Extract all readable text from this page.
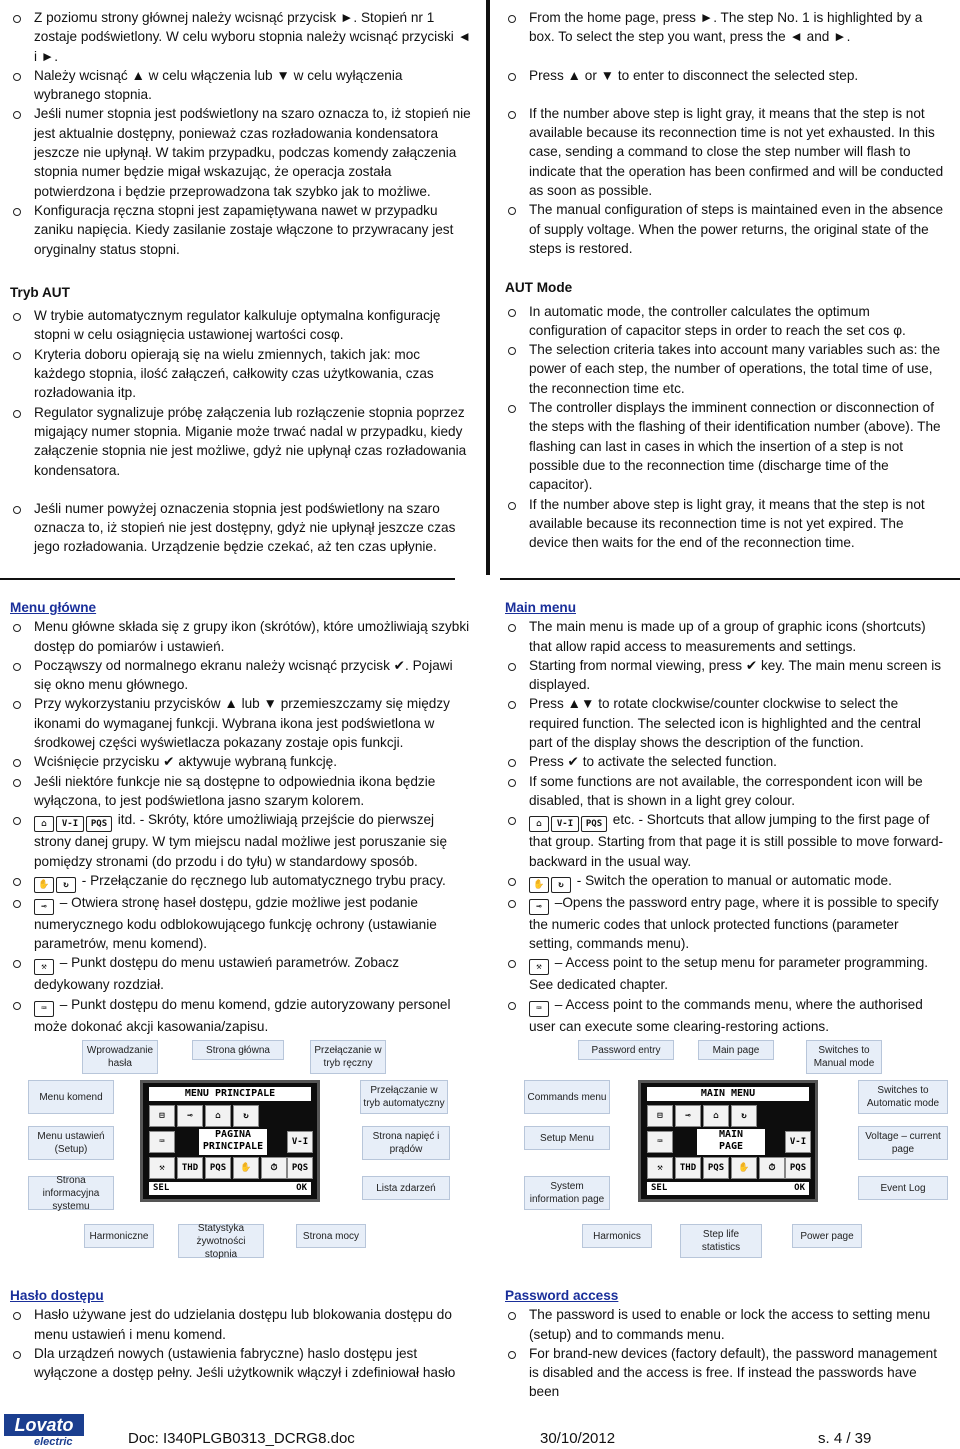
Z poziomu strony głównej należy wcisnąć przycisk ►. Stopień nr 1 zostaje podświetlony. W celu wyboru stopnia należy wcisnąć przyciski ◄ i ►.
Należy wcisnąć ▲ w celu włączenia lub ▼ w celu wyłączenia wybranego stopnia.
Jeśli numer stopnia jest podświetlony na szaro oznacza to, iż stopień nie jest aktualnie dostępny, ponieważ czas rozładowania kondensatora jeszcze nie upłynął. W takim przypadku, podczas komendy załączenia stopnia numer będzie migał wskazując, że operacja została potwierdzona i będzie przeprowadzona tak szybko jak to możliwe.
Konfiguracja ręczna stopni jest zapamiętywana nawet w przypadku zaniku napięcia. Kiedy zasilanie zostaje włączone to przywracany jest oryginalny status stopni.
Tryb AUT
W trybie automatycznym regulator kalkuluje optymalna konfigurację stopni w celu osiągnięcia ustawionej wartości cosφ.
Kryteria doboru opierają się na wielu zmiennych, takich jak: moc każdego stopnia, ilość załączeń, całkowity czas użytkowania, czas rozładowania itp.
Regulator sygnalizuje próbę załączenia lub rozłączenie stopnia poprzez migający numer stopnia. Miganie może trwać nadal w przypadku, kiedy załączenie stopnia nie jest możliwe, gdyż nie upłynął czas rozładowania kondensatora.
Jeśli numer powyżej oznaczenia stopnia jest podświetlony na szaro oznacza to, iż stopień nie jest dostępny, gdyż nie upłynął jeszcze czas jego rozładowania. Urządzenie będzie czekać, aż ten czas upłynie.
From the home page, press ►. The step No. 1 is highlighted by a box. To select the step you want, press the ◄ and ►.
Press ▲ or ▼ to enter to disconnect the selected step.
If the number above step is light gray, it means that the step is not available because its reconnection time is not yet exhausted. In this case, sending a command to close the step number will flash to indicate that the operation has been confirmed and will be conducted as soon as possible.
The manual configuration of steps is maintained even in the absence of supply voltage. When the power returns, the original state of the steps is restored.
AUT Mode
In automatic mode, the controller calculates the optimum configuration of capacitor steps in order to reach the set cos φ.
The selection criteria takes into account many variables such as: the power of each step, the number of operations, the total time of use, the reconnection time etc.
The controller displays the imminent connection or disconnection of the steps with the flashing of their identification number (above). The flashing can last in cases in which the insertion of a step is not possible due to the reconnection time (discharge time of the capacitor).
If the number above step is light gray, it means that the step is not available because its reconnection time is not yet expired. The device then waits for the end of the reconnection time.
Menu główne
Menu główne składa się z grupy ikon (skrótów), które umożliwiają szybki dostęp do pomiarów i ustawień.
Począwszy od normalnego ekranu należy wcisnąć przycisk ✔. Pojawi się okno menu głównego.
Przy wykorzystaniu przycisków ▲ lub ▼ przemieszczamy się między ikonami do wymaganej funkcji. Wybrana ikona jest podświetlona w środkowej części wyświetlacza pokazany zostaje opis funkcji.
Wciśnięcie przycisku ✔ aktywuje wybraną funkcję.
Jeśli niektóre funkcje nie są dostępne to odpowiednia ikona będzie wyłączona, to jest podświetlona jasno szarym kolorem.
⌂ V-I PQS itd. - Skróty, które umożliwiają przejście do pierwszej strony danej grupy. W tym miejscu nadal możliwe jest poruszanie się pomiędzy stronami (do przodu i do tyłu) w standardowy sposób.
✋ ↻ - Przełączanie do ręcznego lub automatycznego trybu pracy.
⊸ – Otwiera stronę haseł dostępu, gdzie możliwe jest podanie numerycznego kodu odblokowującego funkcję ochrony (ustawianie parametrów, menu komend).
⚒ – Punkt dostępu do menu ustawień parametrów. Zobacz dedykowany rozdział.
⌨ – Punkt dostępu do menu komend, gdzie autoryzowany personel może dokonać akcji kasowania/zapisu.
Main menu
The main menu is made up of a group of graphic icons (shortcuts) that allow rapid access to measurements and settings.
Starting from normal viewing, press ✔ key. The main menu screen is displayed.
Press ▲▼ to rotate clockwise/counter clockwise to select the required function. The selected icon is highlighted and the central part of the display shows the description of the function.
Press ✔ to activate the selected function.
If some functions are not available, the correspondent icon will be disabled, that is shown in a light grey colour.
⌂ V-I PQS etc. - Shortcuts that allow jumping to the first page of that group. Starting from that page it is still possible to move forward-backward in the usual way.
✋ ↻ - Switch the operation to manual or automatic mode.
⊸ –Opens the password entry page, where it is possible to specify the numeric codes that unlock protected functions (parameter setting, commands menu).
⚒ – Access point to the setup menu for parameter programming. See dedicated chapter.
⌨ – Access point to the commands menu, where the authorised user can execute some clearing-restoring actions.
Wprowadzanie hasła
Strona główna	Przełączanie w tryb ręczny
Menu komend
Przełączanie w tryb automatyczny
Menu ustawień (Setup)
Strona napięć i prądów
Strona informacyjna systemu
Lista zdarzeń
Harmoniczne
Statystyka żywotności stopnia
Strona mocy
MENU PRINCIPALE
⊟	⊸	⌂	↻
⌨	V-I
⚒	THD	PQS	✋	⏱	PQS
PAGINA
PRINCIPALE
SEL	OK
Password entry	Main page	Switches to Manual mode
Commands menu
Switches to Automatic mode
Setup Menu	Voltage – current page
System information page
Event Log
Harmonics	Step life statistics
Power page
MAIN MENU
⊟	⊸	⌂	↻
⌨	V-I
⚒	THD	PQS	✋	⏱	PQS
MAIN
PAGE
SEL	OK
Hasło dostępu
Hasło używane jest do udzielania dostępu lub blokowania dostępu do menu ustawień i menu komend.
Dla urządzeń nowych (ustawienia fabryczne) haslo dostępu jest wyłączone a dostęp pełny. Jeśli użytkownik włączył i zdefiniował hasło
Password access
The password is used to enable or lock the access to setting menu (setup) and to commands menu.
For brand-new devices (factory default), the password management is disabled and the access is free. If instead the passwords have been
Lovato
electric	Doc: I340PLGB0313_DCRG8.doc	30/10/2012	s. 4 / 39
